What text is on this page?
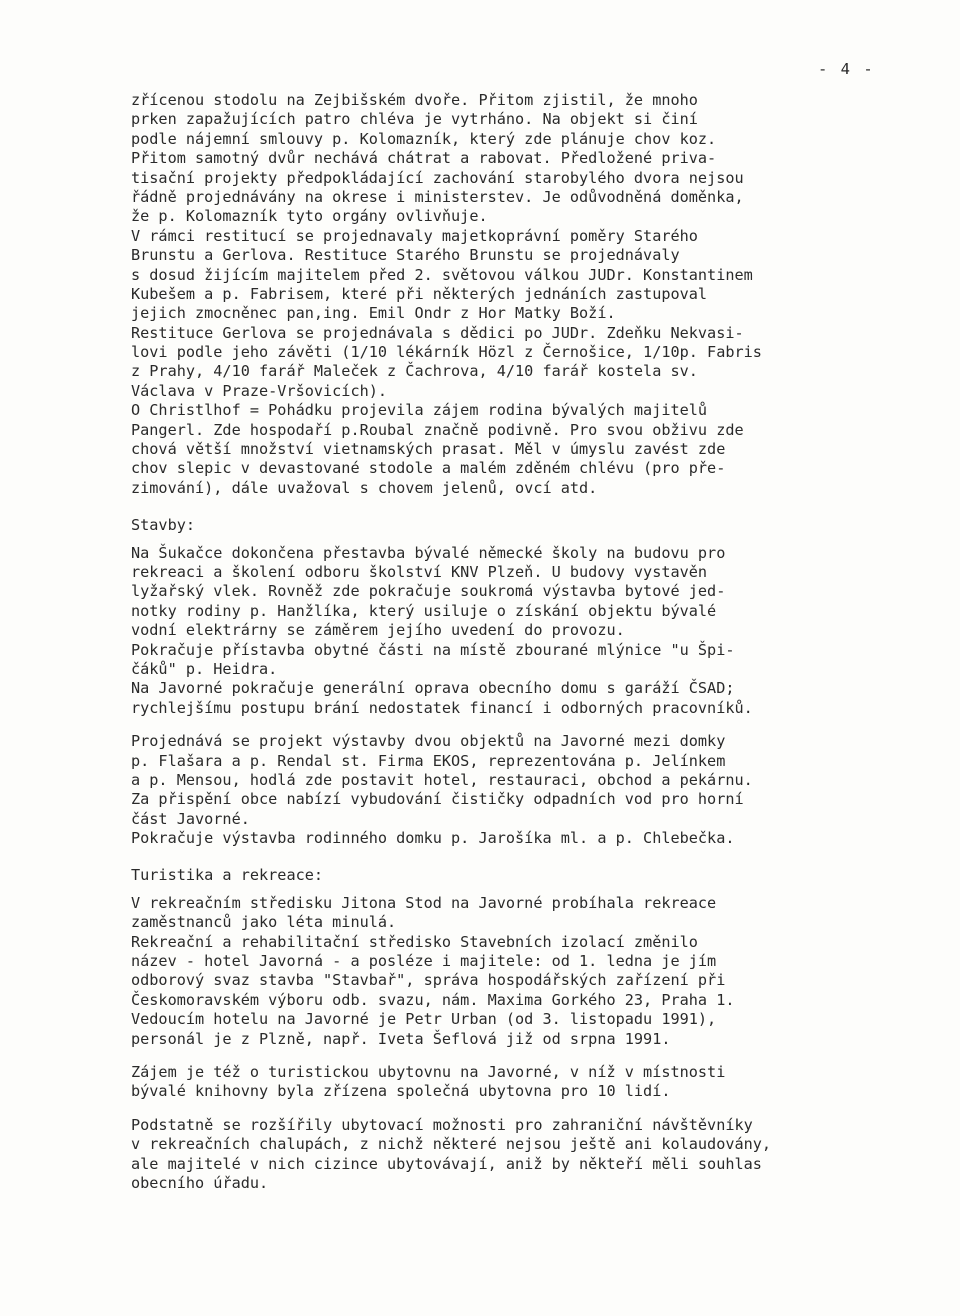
- 4 -
zřícenou stodolu na Zejbišském dvoře. Přitom zjistil, že mnoho
prken zapažujících patro chléva je vytrháno. Na objekt si činí
podle nájemní smlouvy p. Kolomazník, který zde plánuje chov koz.
Přitom samotný dvůr nechává chátrat a rabovat. Předložené priva-
tisační projekty předpokládající zachování starobylého dvora nejsou
řádně projednávány na okrese i ministerstev. Je odůvodněná doměnka,
že p. Kolomazník tyto orgány ovlivňuje.
V rámci restitucí se projednavaly majetkoprávní poměry Starého
Brunstu a Gerlova. Restituce Starého Brunstu se projednávaly
s dosud žijícím majitelem před 2. světovou válkou JUDr. Konstantinem
Kubešem a p. Fabrisem, které při některých jednáních zastupoval
jejich zmocněnec pan,ing. Emil Ondr z Hor Matky Boží.
Restituce Gerlova se projednávala s dědici po JUDr. Zdeňku Nekvasi-
lovi podle jeho závěti (1/10 lékárník Hözl z Černošice, 1/10p. Fabris
z Prahy, 4/10 farář Maleček z Čachrova, 4/10 farář kostela sv.
Václava v Praze-Vršovicích).
O Christlhof = Pohádku projevila zájem rodina bývalých majitelů
Pangerl. Zde hospodaří p.Roubal značně podivně. Pro svou obživu zde
chová větší množství vietnamských prasat. Měl v úmyslu zavést zde
chov slepic v devastované stodole a malém zděném chlévu (pro pře-
zimování), dále uvažoval s chovem jelenů, ovcí atd.
Stavby:
Na Šukačce dokončena přestavba bývalé německé školy na budovu pro
rekreaci a školení odboru školství KNV Plzeň. U budovy vystavěn
lyžařský vlek. Rovněž zde pokračuje soukromá výstavba bytové jed-
notky rodiny p. Hanžlíka, který usiluje o získání objektu bývalé
vodní elektrárny se záměrem jejího uvedení do provozu.
Pokračuje přístavba obytné části na místě zbourané mlýnice "u Špi-
čáků" p. Heidra.
Na Javorné pokračuje generální oprava obecního domu s garáží ČSAD;
rychlejšímu postupu brání nedostatek financí i odborných pracovníků.
Projednává se projekt výstavby dvou objektů na Javorné mezi domky
p. Flašara a p. Rendal st. Firma EKOS, reprezentována p. Jelínkem
a p. Mensou, hodlá zde postavit hotel, restauraci, obchod a pekárnu.
Za přispění obce nabízí vybudování čističky odpadních vod pro horní
část Javorné.
Pokračuje výstavba rodinného domku p. Jarošíka ml. a p. Chlebečka.
Turistika a rekreace:
V rekreačním středisku Jitona Stod na Javorné probíhala rekreace
zaměstnanců jako léta minulá.
Rekreační a rehabilitační středisko Stavebních izolací změnilo
název - hotel Javorná - a posléze i majitele: od 1. ledna je jím
odborový svaz stavba "Stavbař", správa hospodářských zařízení při
Českomoravském výboru odb. svazu, nám. Maxima Gorkého 23, Praha 1.
Vedoucím hotelu na Javorné je Petr Urban (od 3. listopadu 1991),
personál je z Plzně, např. Iveta Šeflová již od srpna 1991.
Zájem je též o turistickou ubytovnu na Javorné, v níž v místnosti
bývalé knihovny byla zřízena společná ubytovna pro 10 lidí.
Podstatně se rozšířily ubytovací možnosti pro zahraniční návštěvníky
v rekreačních chalupách, z nichž některé nejsou ještě ani kolaudovány,
ale majitelé v nich cizince ubytovávají, aniž by někteří měli souhlas
obecního úřadu.
